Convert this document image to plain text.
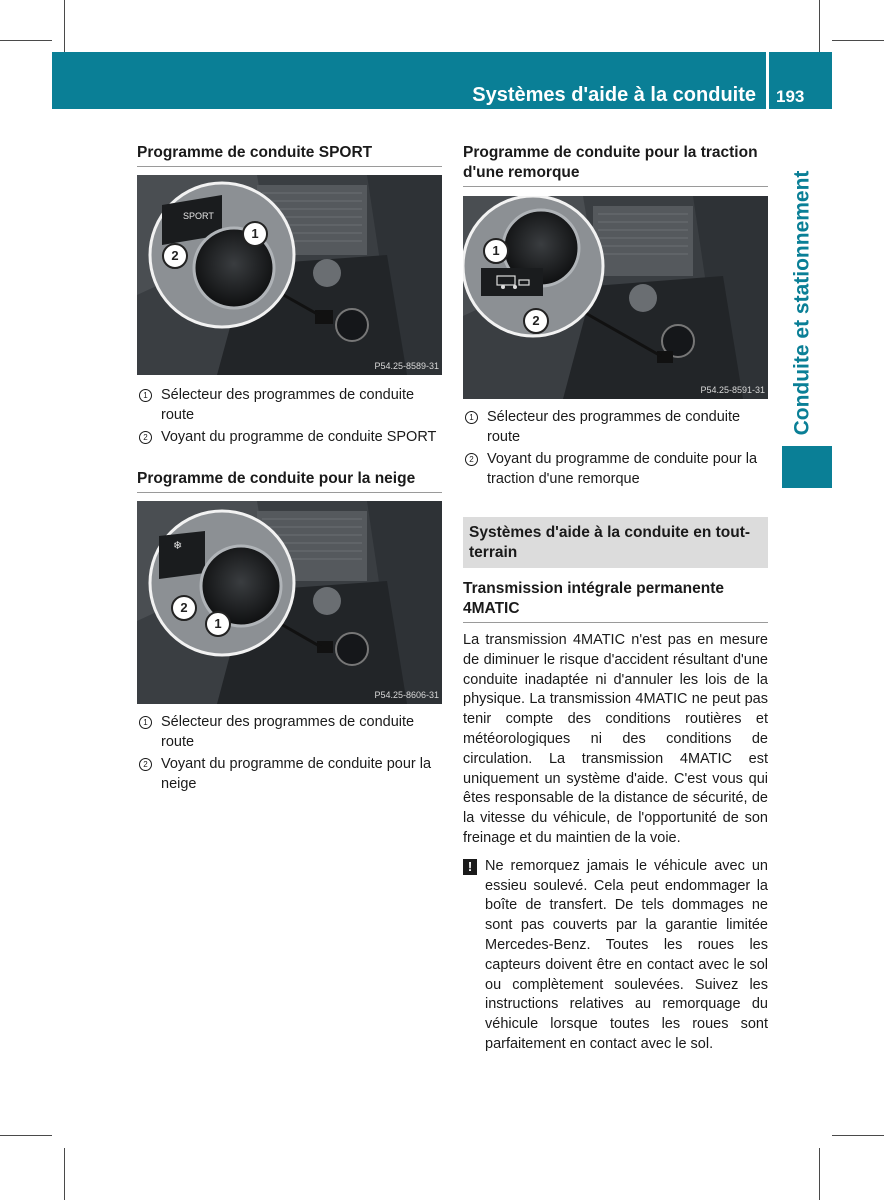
Systèmes d'aide à la conduite 193
Conduite et stationnement
Programme de conduite SPORT
SPORT
1
2
P54.25-8589-31
1 Sélecteur des programmes de conduite route
2 Voyant du programme de conduite SPORT
Programme de conduite pour la neige
❄
2
1
P54.25-8606-31
1 Sélecteur des programmes de conduite route
2 Voyant du programme de conduite pour la neige
Programme de conduite pour la traction d'une remorque
1
2
P54.25-8591-31
1 Sélecteur des programmes de conduite route
2 Voyant du programme de conduite pour la traction d'une remorque
Systèmes d'aide à la conduite en tout-terrain
Transmission intégrale permanente 4MATIC

La transmission 4MATIC n'est pas en mesure de diminuer le risque d'accident résultant d'une conduite inadaptée ni d'annuler les lois de la physique. La transmission 4MATIC ne peut pas tenir compte des conditions routières et météorologiques ni des conditions de circulation. La transmission 4MATIC est uniquement un système d'aide. C'est vous qui êtes responsable de la distance de sécurité, de la vitesse du véhicule, de l'opportunité de son freinage et du maintien de la voie.

! Ne remorquez jamais le véhicule avec un essieu soulevé. Cela peut endommager la boîte de transfert. De tels dommages ne sont pas couverts par la garantie limitée Mercedes-Benz. Toutes les roues les capteurs doivent être en contact avec le sol ou complètement soulevées. Suivez les instructions relatives au remorquage du véhicule lorsque toutes les roues sont parfaitement en contact avec le sol.
